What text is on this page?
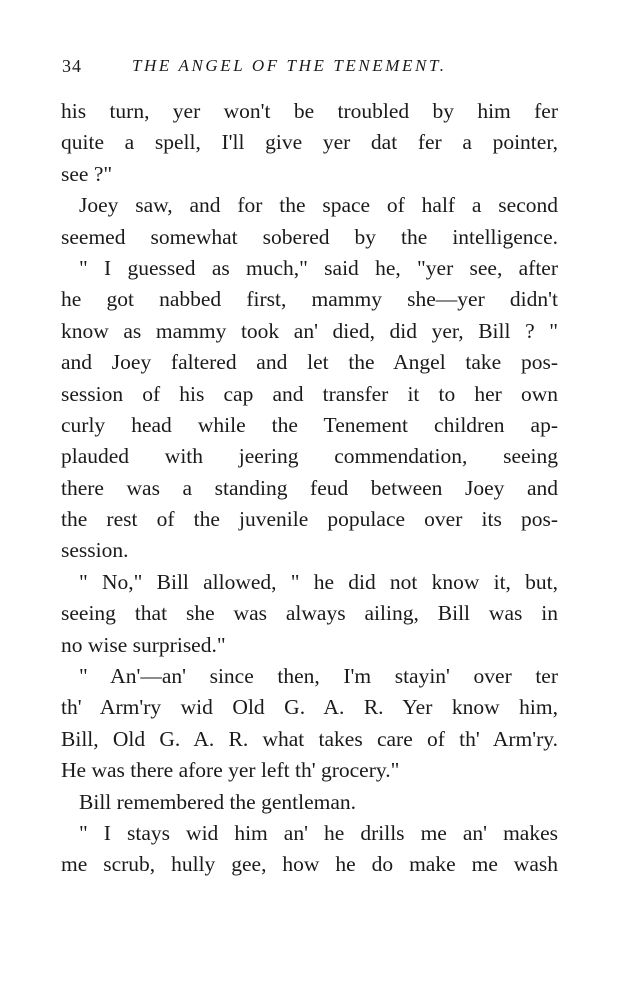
34	THE ANGEL OF THE TENEMENT.
his turn, yer won't be troubled by him fer
quite a spell, I'll give yer dat fer a pointer,
see ?"
Joey saw, and for the space of half a second
seemed somewhat sobered by the intelligence.
" I guessed as much," said he, "yer see, after
he got nabbed first, mammy she—yer didn't
know as mammy took an' died, did yer, Bill ? "
and Joey faltered and let the Angel take pos-
session of his cap and transfer it to her own
curly head while the Tenement children ap-
plauded with jeering commendation, seeing
there was a standing feud between Joey and
the rest of the juvenile populace over its pos-
session.
" No," Bill allowed, " he did not know it, but,
seeing that she was always ailing, Bill was in
no wise surprised."
" An'—an' since then, I'm stayin' over ter
th' Arm'ry wid Old G. A. R. Yer know him,
Bill, Old G. A. R. what takes care of th' Arm'ry.
He was there afore yer left th' grocery."
Bill remembered the gentleman.
" I stays wid him an' he drills me an' makes
me scrub, hully gee, how he do make me wash
